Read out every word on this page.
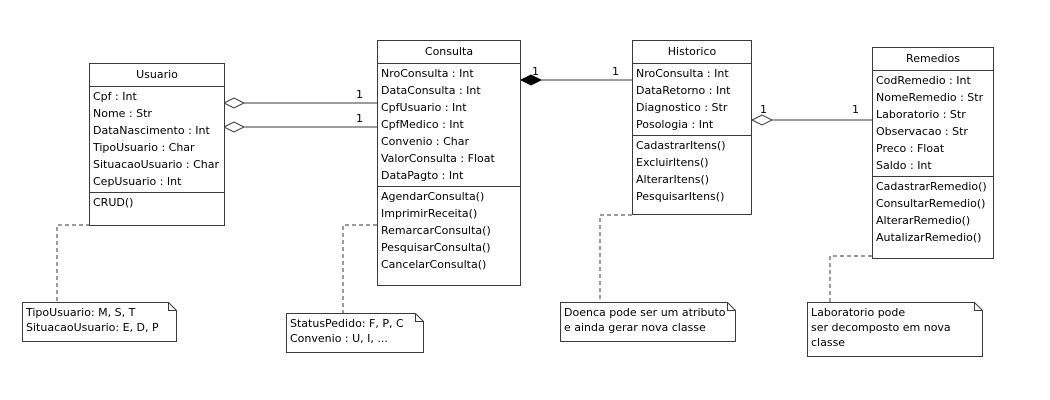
1
1
1	1
1	1
Usuario
Cpf : Int
Nome : Str
DataNascimento : Int
TipoUsuario : Char
SituacaoUsuario : Char
CepUsuario : Int
CRUD()
Consulta
NroConsulta : Int
DataConsulta : Int
CpfUsuario : Int
CpfMedico : Int
Convenio : Char
ValorConsulta : Float
DataPagto : Int
AgendarConsulta()
ImprimirReceita()
RemarcarConsulta()
PesquisarConsulta()
CancelarConsulta()
Historico
NroConsulta : Int
DataRetorno : Int
Diagnostico : Str
Posologia : Int
CadastrarItens()
ExcluirItens()
AlterarItens()
PesquisarItens()
Remedios
CodRemedio : Int
NomeRemedio : Str
Laboratorio : Str
Observacao : Str
Preco : Float
Saldo : Int
CadastrarRemedio()
ConsultarRemedio()
AlterarRemedio()
AutalizarRemedio()
TipoUsuario: M, S, T
SituacaoUsuario: E, D, P	StatusPedido: F, P, C
Convenio : U, I, ...
Doenca pode ser um atributo
e ainda gerar nova classe
Laboratorio pode
ser decomposto em nova
classe
